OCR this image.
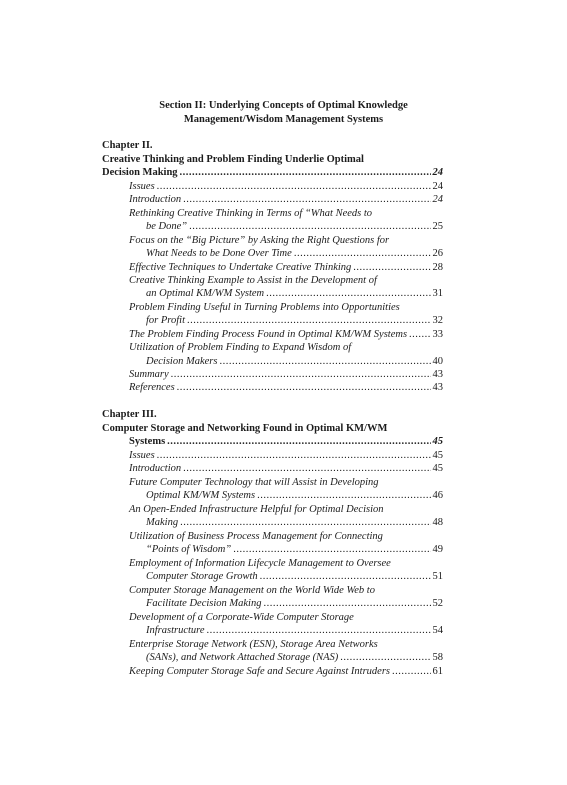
Section II: Underlying Concepts of Optimal Knowledge
Management/Wisdom Management Systems
Chapter II.
Creative Thinking and Problem Finding Underlie Optimal
Decision Making .....	24
Issues .....	24
Introduction .....	24
Rethinking Creative Thinking in Terms of “What Needs to
be Done” .....	25
Focus on the “Big Picture” by Asking the Right Questions for
What Needs to be Done Over Time .....	26
Effective Techniques to Undertake Creative Thinking .....	28
Creative Thinking Example to Assist in the Development of
an Optimal KM/WM System .....	31
Problem Finding Useful in Turning Problems into Opportunities
for Profit .....	32
The Problem Finding Process Found in Optimal KM/WM Systems ..... 33
Utilization of Problem Finding to Expand Wisdom of
Decision Makers .....	40
Summary .....	43
References .....	43
Chapter III.
Computer Storage and Networking Found in Optimal KM/WM
Systems .....	45
Issues .....	45
Introduction .....	45
Future Computer Technology that will Assist in Developing
Optimal KM/WM Systems .....	46
An Open-Ended Infrastructure Helpful for Optimal Decision
Making .....	48
Utilization of Business Process Management for Connecting
“Points of Wisdom” .....	49
Employment of Information Lifecycle Management to Oversee
Computer Storage Growth .....	51
Computer Storage Management on the World Wide Web to
Facilitate Decision Making .....	52
Development of a Corporate-Wide Computer Storage
Infrastructure .....	54
Enterprise Storage Network (ESN), Storage Area Networks
(SANs), and Network Attached Storage (NAS) .....	58
Keeping Computer Storage Safe and Secure Against Intruders .....	61
